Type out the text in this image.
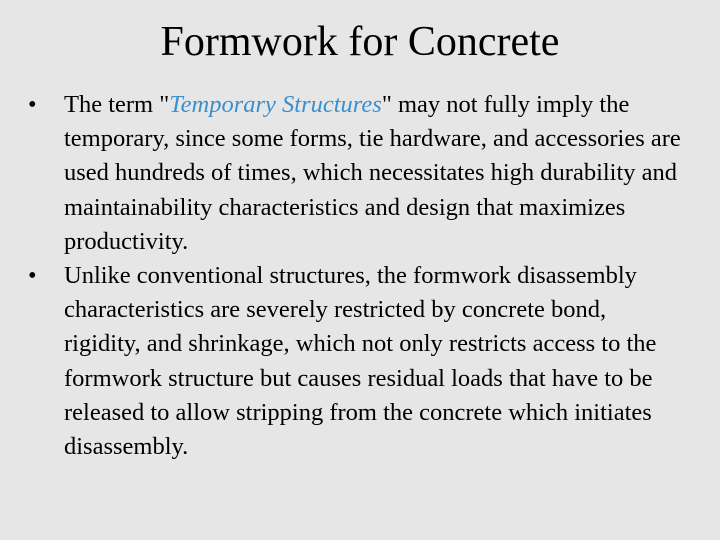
Formwork for Concrete
•	The term "Temporary Structures" may not fully imply the temporary, since some forms, tie hardware, and accessories are used hundreds of times, which necessitates high durability and maintainability characteristics and design that maximizes productivity.
•	Unlike conventional structures, the formwork disassembly characteristics are severely restricted by concrete bond, rigidity, and shrinkage, which not only restricts access to the formwork structure but causes residual loads that have to be released to allow stripping from the concrete which initiates disassembly.
